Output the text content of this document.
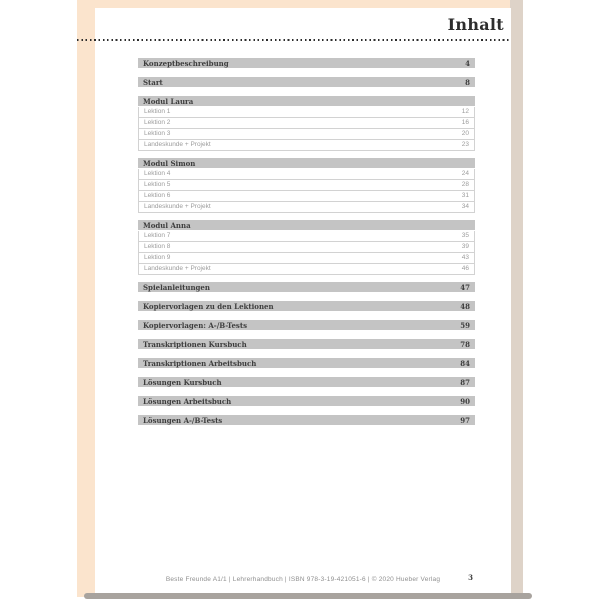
Inhalt
Konzeptbeschreibung	4
Start	8
Modul Laura
Lektion 1	12
Lektion 2	16
Lektion 3	20
Landeskunde + Projekt	23
Modul Simon
Lektion 4	24
Lektion 5	28
Lektion 6	31
Landeskunde + Projekt	34
Modul Anna
Lektion 7	35
Lektion 8	39
Lektion 9	43
Landeskunde + Projekt	46
Spielanleitungen	47
Kopiervorlagen zu den Lektionen	48
Kopiervorlagen: A-/B-Tests	59
Transkriptionen Kursbuch	78
Transkriptionen Arbeitsbuch	84
Lösungen Kursbuch	87
Lösungen Arbeitsbuch	90
Lösungen A-/B-Tests	97
Beste Freunde A1/1 | Lehrerhandbuch | ISBN 978-3-19-421051-6 | © 2020 Hueber Verlag	3
